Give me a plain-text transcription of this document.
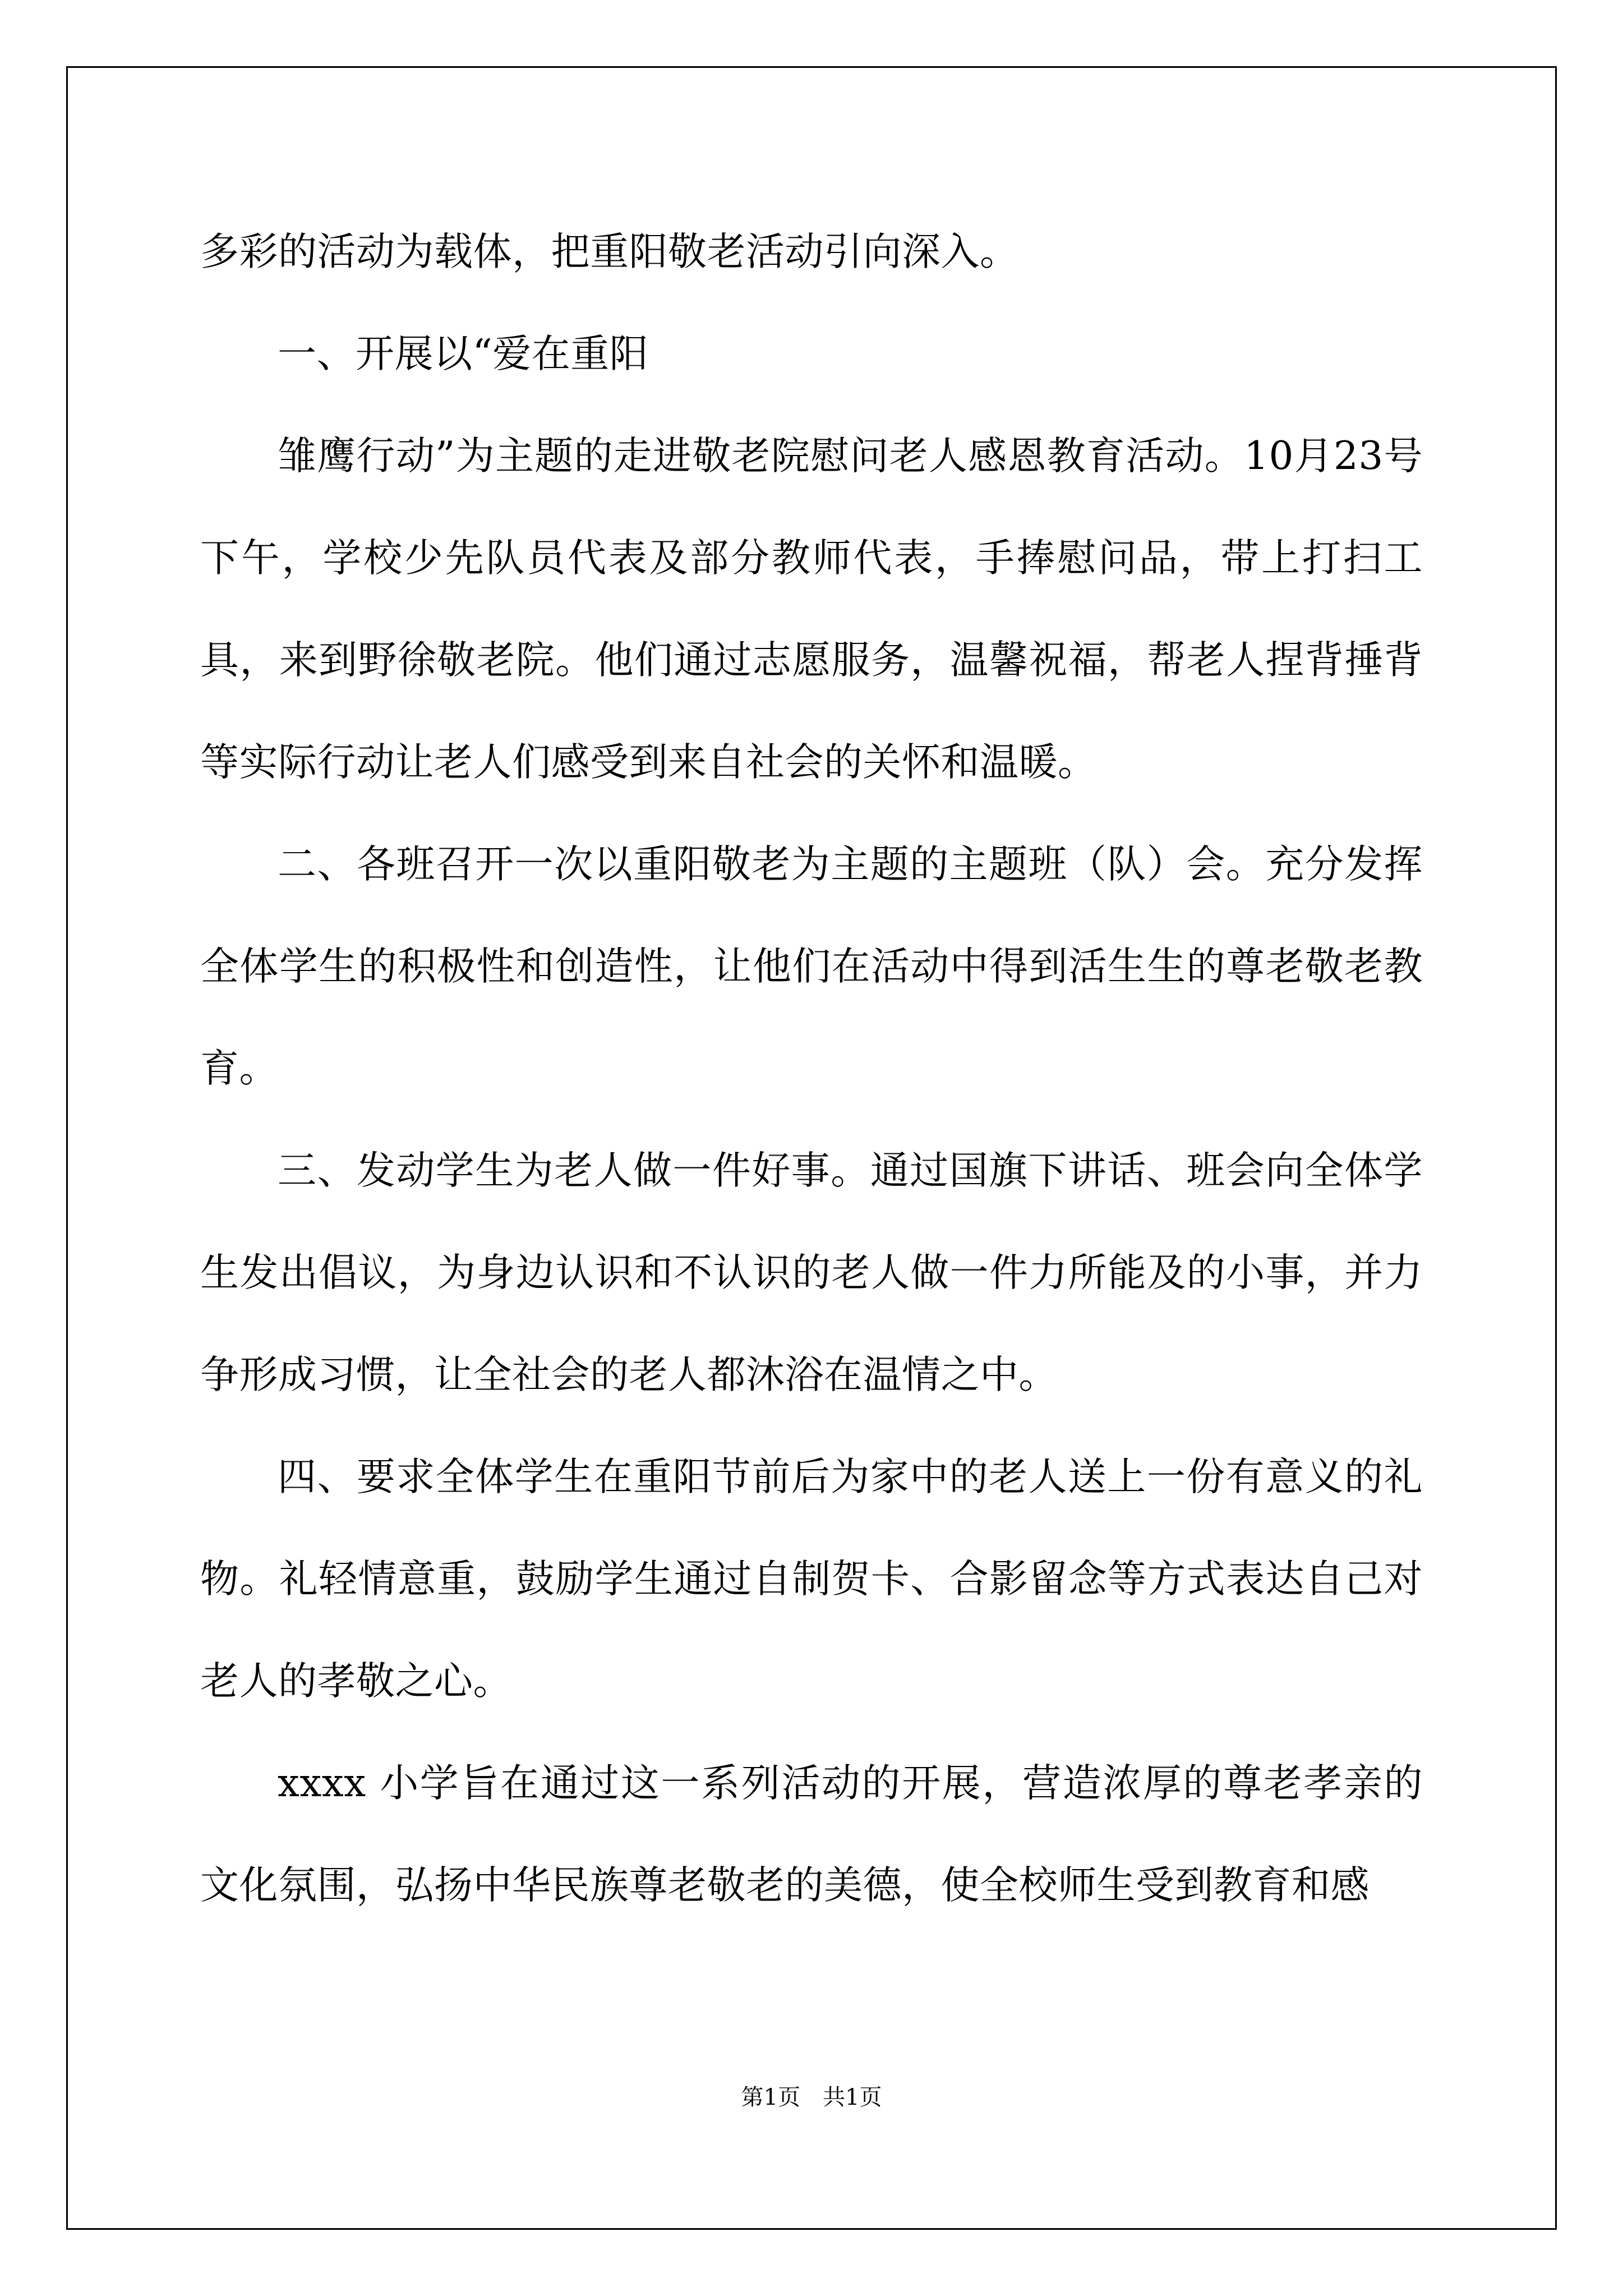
多彩的活动为载体，把重阳敬老活动引向深入。

一、开展以“爱在重阳

雏鹰行动”为主题的走进敬老院慰问老人感恩教育活动。10月23号下午，学校少先队员代表及部分教师代表，手捧慰问品，带上打扫工具，来到野徐敬老院。他们通过志愿服务，温馨祝福，帮老人捏背捶背等实际行动让老人们感受到来自社会的关怀和温暖。

二、各班召开一次以重阳敬老为主题的主题班（队）会。充分发挥全体学生的积极性和创造性，让他们在活动中得到活生生的尊老敬老教育。

三、发动学生为老人做一件好事。通过国旗下讲话、班会向全体学生发出倡议，为身边认识和不认识的老人做一件力所能及的小事，并力争形成习惯，让全社会的老人都沐浴在温情之中。

四、要求全体学生在重阳节前后为家中的老人送上一份有意义的礼物。礼轻情意重，鼓励学生通过自制贺卡、合影留念等方式表达自己对老人的孝敬之心。

xxxx 小学旨在通过这一系列活动的开展，营造浓厚的尊老孝亲的文化氛围，弘扬中华民族尊老敬老的美德，使全校师生受到教育和感

第1页　共1页
